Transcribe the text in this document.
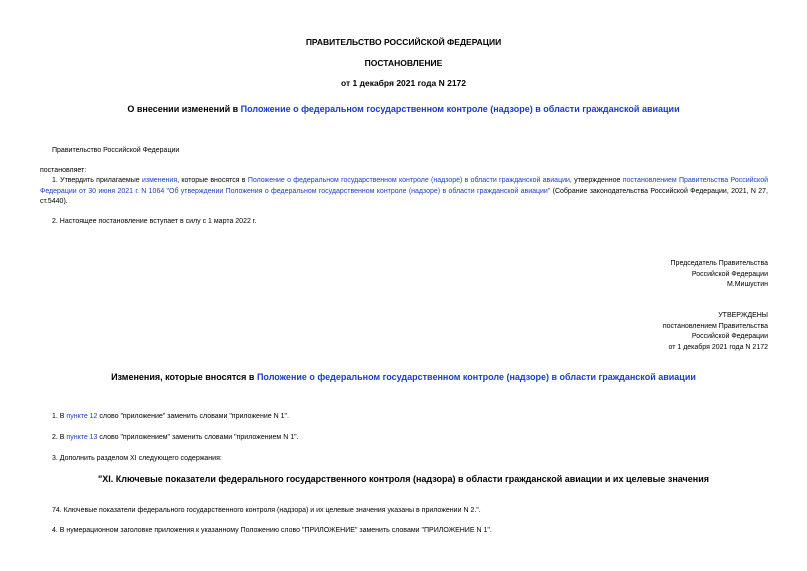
ПРАВИТЕЛЬСТВО РОССИЙСКОЙ ФЕДЕРАЦИИ
ПОСТАНОВЛЕНИЕ
от 1 декабря 2021 года N 2172
О внесении изменений в Положение о федеральном государственном контроле (надзоре) в области гражданской авиации
Правительство Российской Федерации
постановляет:
1. Утвердить прилагаемые изменения, которые вносятся в Положение о федеральном государственном контроле (надзоре) в области гражданской авиации, утвержденное постановлением Правительства Российской Федерации от 30 июня 2021 г. N 1064 "Об утверждении Положения о федеральном государственном контроле (надзоре) в области гражданской авиации" (Собрание законодательства Российской Федерации, 2021, N 27, ст.5440).
2. Настоящее постановление вступает в силу с 1 марта 2022 г.
Председатель Правительства
Российской Федерации
М.Мишустин
УТВЕРЖДЕНЫ
постановлением Правительства
Российской Федерации
от 1 декабря 2021 года N 2172
Изменения, которые вносятся в Положение о федеральном государственном контроле (надзоре) в области гражданской авиации
1. В пункте 12 слово "приложение" заменить словами "приложение N 1".
2. В пункте 13 слово "приложением" заменить словами "приложением N 1".
3. Дополнить разделом XI следующего содержания:
"XI. Ключевые показатели федерального государственного контроля (надзора) в области гражданской авиации и их целевые значения
74. Ключевые показатели федерального государственного контроля (надзора) и их целевые значения указаны в приложении N 2.".
4. В нумерационном заголовке приложения к указанному Положению слово "ПРИЛОЖЕНИЕ" заменить словами "ПРИЛОЖЕНИЕ N 1".
